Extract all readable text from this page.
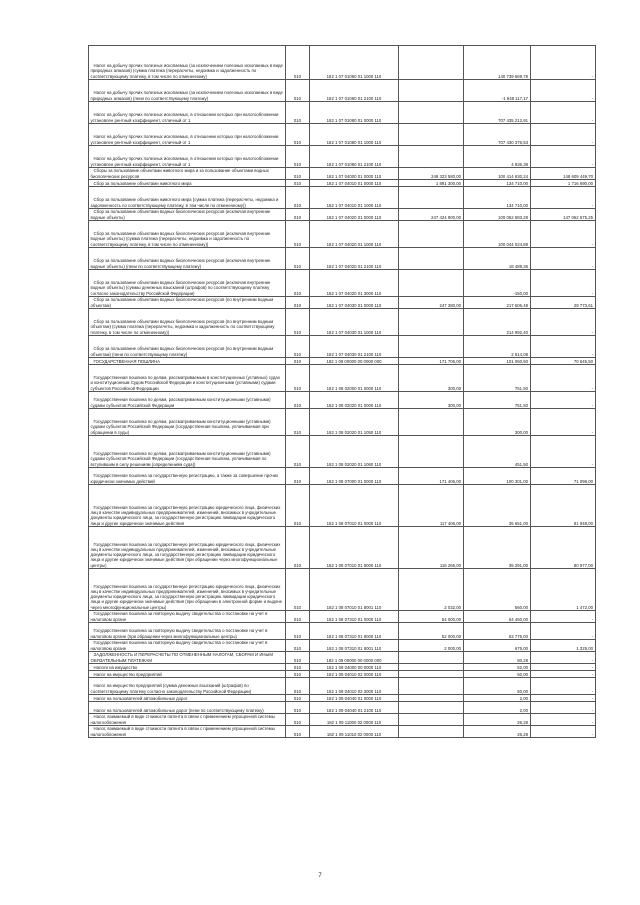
Налог на добычу прочих полезных ископаемых (за исключением полезных ископаемых в виде природных алмазов) (сумма платежа (перерасчеты, недоимка и задолженность по соответствующему платежу, в том числе по отмененному)	010	182 1 07 01060 01 1000 110		140 739 669,78	-
Налог на добычу прочих полезных ископаемых (за исключением полезных ископаемых в виде природных алмазов) (пени по соответствующему платежу)	010	182 1 07 01060 01 2100 110		-1 948 117,17	-
Налог на добычу прочих полезных ископаемых, в отношении которых при налогообложении установлен рентный коэффициент, отличный от 1	010	182 1 07 01080 01 0000 110		707 435 212,91	-
Налог на добычу прочих полезных ископаемых, в отношении которых при налогообложении установлен рентный коэффициент, отличный от 1	010	182 1 07 01080 01 1000 110		707 430 376,53	-
Налог на добычу прочих полезных ископаемых, в отношении которых при налогообложении установлен рентный коэффициент, отличный от 1	010	182 1 07 01080 01 2100 110		4 836,38	-
Сборы за пользование объектами животного мира и за пользование объектами водных биологических ресурсов	010	182 1 07 04000 01 0000 110	249 323 580,00	100 414 630,24	148 609 449,70
Сбор за пользование объектами животного мира	010	182 1 07 04010 01 0000 110	1 891 300,00	134 710,00	1 716 690,00
Сбор за пользование объектами животного мира (сумма платежа (перерасчеты, недоимка и задолженность по соответствующему платежу, в том числе по отмененному))	010	182 1 07 04010 01 1000 110		134 710,00	-
Сбор за пользование объектами водных биологических ресурсов (исключая внутренние водные объекты)	010	182 1 07 04020 01 0000 110	247 424 900,00	100 062 583,28	147 062 575,25
Сбор за пользование объектами водных биологических ресурсов (исключая внутренние водные объекты) (сумма платежа (перерасчеты, недоимка и задолженность по соответствующему платежу, в том числе по отмененному))	010	182 1 07 04020 01 1000 110		100 044 024,89	-
Сбор за пользование объектами водных биологических ресурсов (исключая внутренние водные объекты) (пени по соответствующему платежу)	010	182 1 07 04020 01 2100 110		18 489,36	-
Сбор за пользование объектами водных биологических ресурсов (исключая внутренние водные объекты) (суммы денежных взысканий (штрафов) по соответствующему платежу согласно законодательству Российской Федерации)	010	182 1 07 04020 01 3000 110		-150,00	-
Сбор за пользование объектами водных биологических ресурсов (по внутренним водным объектам)	010	182 1 07 04030 01 0000 110	247 380,00	217 606,48	29 773,61
Сбор за пользование объектами водных биологических ресурсов (по внутренним водным объектам) (сумма платежа (перерасчеты, недоимка и задолженность по соответствующему платежу, в том числе по отмененному))	010	182 1 07 04030 01 1000 110		214 992,40	-
Сбор за пользование объектами водных биологических ресурсов (по внутренним водным объектам) (пени по соответствующему платежу)	010	182 1 07 04030 01 2100 110		2 614,08	-
ГОСУДАРСТВЕННАЯ ПОШЛИНА	010	182 1 08 00000 00 0000 000	171 706,00	101 060,50	70 645,50
Государственная пошлина по делам, рассматриваемым в конституционных (уставных) судах и конституционным Судом Российской Федерации и конституционными (уставными) судами субъектов Российской Федерации	010	182 1 08 02000 01 0000 110	300,00	751,50	-
Государственная пошлина по делам, рассматриваемым конституционными (уставными) судами субъектов Российской Федерации	010	182 1 08 02020 01 0000 110	300,00	751,50	-
Государственная пошлина по делам, рассматриваемым конституционными (уставными) судами субъектов Российской Федерации (государственная пошлина, уплачиваемая при обращении в суды)	010	182 1 08 02020 01 1050 110		300,00	-
Государственная пошлина по делам, рассматриваемым конституционными (уставными) судами субъектов Российской Федерации (государственная пошлина, уплачиваемая по вступившим в силу решениям (определениям суда))	010	182 1 08 02020 01 1060 110		451,50	-
Государственная пошлина за государственную регистрацию, а также за совершение прочих юридически значимых действий	010	182 1 08 07000 01 0000 110	171 406,00	100 301,00	71 098,00
Государственная пошлина за государственную регистрацию юридического лица, физических лиц в качестве индивидуальных предпринимателей, изменений, вносимых в учредительные документы юридического лица, за государственную регистрацию ликвидации юридического лица и другие юридически значимые действия	010	182 1 08 07010 01 0000 110	117 406,00	35 651,00	81 948,00
Государственная пошлина за государственную регистрацию юридического лица, физических лиц в качестве индивидуальных предпринимателей, изменений, вносимых в учредительные документы юридического лица, за государственную регистрацию ликвидации юридического лица и другие юридически значимые действия (при обращении через многофункциональные центры)	010	182 1 08 07010 01 8000 110	116 266,00	35 291,00	80 977,00
Государственная пошлина за государственную регистрацию юридического лица, физических лиц в качестве индивидуальных предпринимателей, изменений, вносимых в учредительные документы юридического лица, за государственную регистрацию ликвидации юридического лица и другие юридически значимые действия (при обращении в электронной форме и выдаче через многофункциональные центры)	010	182 1 08 07010 01 8001 110	2 032,00	560,00	1 472,00
Государственная пошлина за повторную выдачу свидетельства о постановке на учет в налоговом органе	010	182 1 08 07310 01 0000 110	54 000,00	64 450,00	-
Государственная пошлина за повторную выдачу свидетельства о постановке на учет в налоговом органе (при обращении через многофункциональные центры)	010	182 1 08 07310 01 8000 110	52 000,00	63 775,00	-
Государственная пошлина за повторную выдачу свидетельства о постановке на учет в налоговом органе	010	182 1 08 07310 01 8001 110	2 000,00	675,00	1 325,00
ЗАДОЛЖЕННОСТЬ И ПЕРЕРАСЧЕТЫ ПО ОТМЕНЕННЫМ НАЛОГАМ, СБОРАМ И ИНЫМ ОБЯЗАТЕЛЬНЫМ ПЛАТЕЖАМ	010	182 1 09 00000 00 0000 000		80,28	-
Налоги на имущество	010	182 1 09 04000 00 0000 110		52,00	-
Налог на имущество предприятий	010	182 1 09 04010 02 0000 110		50,00	-
Налог на имущество предприятий (сумма денежных взысканий (штрафов) по соответствующему платежу согласно законодательству Российской Федерации)	010	182 1 09 04010 02 3000 110		50,00	-
Налог на пользователей автомобильных дорог	010	182 1 09 04040 01 0000 110		2,00	-
Налог на пользователей автомобильных дорог (пени по соответствующему платежу)	010	182 1 09 04040 01 2100 110		2,00	-
Налог, взимаемый в виде стоимости патента в связи с применением упрощенной системы налогообложения	010	182 1 09 11000 02 0000 110		26,28	-
Налог, взимаемый в виде стоимости патента в связи с применением упрощенной системы налогообложения	010	182 1 09 11010 02 0000 110		26,28	-
7
